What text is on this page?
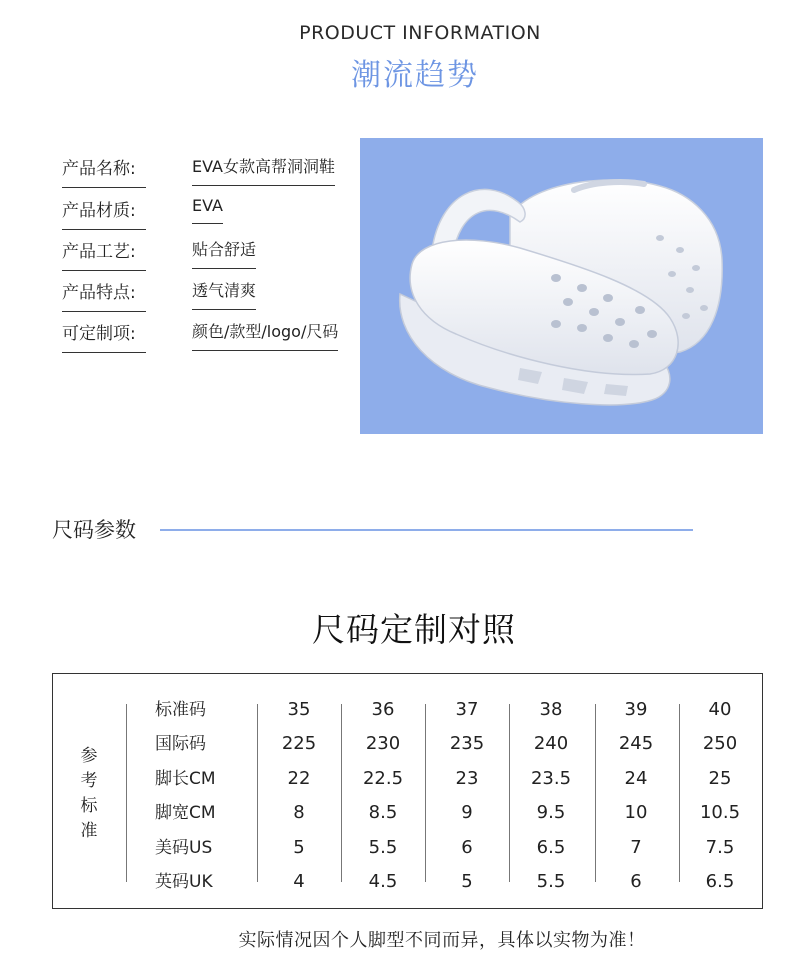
PRODUCT INFORMATION
潮流趋势
产品名称:	EVA女款高帮洞洞鞋
产品材质:	EVA
产品工艺:	贴合舒适
产品特点:	透气清爽
可定制项:	颜色/款型/logo/尺码
尺码参数
尺码定制对照
参考标准
标准码	35	36	37	38	39	40
国际码	225	230	235	240	245	250
脚长CM	22	22.5	23	23.5	24	25
脚宽CM	8	8.5	9	9.5	10	10.5
美码US	5	5.5	6	6.5	7	7.5
英码UK	4	4.5	5	5.5	6	6.5
实际情况因个人脚型不同而异，具体以实物为准！
